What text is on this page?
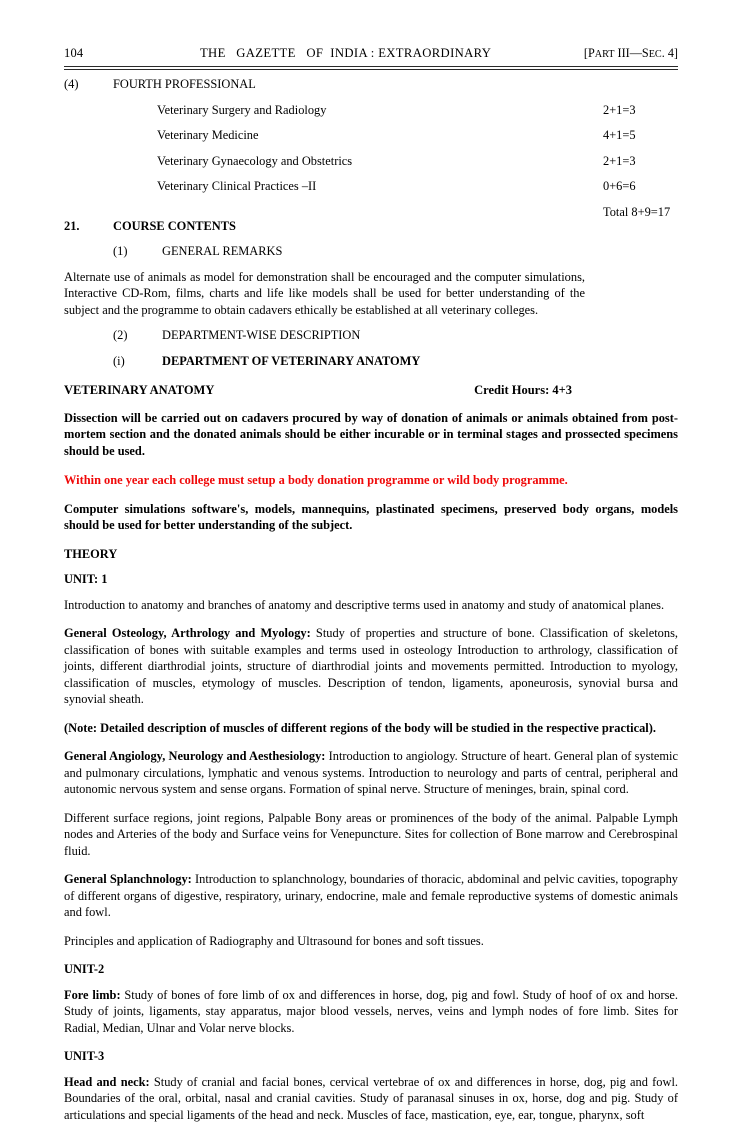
104	THE   GAZETTE   OF  INDIA : EXTRAORDINARY	[PART III—SEC. 4]
(4)	FOURTH PROFESSIONAL
Veterinary Surgery and Radiology	2+1=3
Veterinary Medicine	4+1=5
Veterinary Gynaecology and Obstetrics	2+1=3
Veterinary Clinical Practices –II	0+6=6
Total 8+9=17
21.	COURSE CONTENTS
(1)	GENERAL REMARKS

Alternate use of animals as model for demonstration shall be encouraged and the computer simulations, Interactive CD-Rom, films, charts and life like models shall be used for better understanding of the subject and the programme to obtain cadavers ethically be established at all veterinary colleges.

(2)	DEPARTMENT-WISE DESCRIPTION
(i)	DEPARTMENT OF VETERINARY ANATOMY
VETERINARY ANATOMY	Credit Hours: 4+3

Dissection will be carried out on cadavers procured by way of donation of animals or animals obtained from post-mortem section and the donated animals should be either incurable or in terminal stages and prossected specimens should be used.

Within one year each college must setup a body donation programme or wild body programme.

Computer simulations software's, models, mannequins, plastinated specimens, preserved body organs, models should be used for better understanding of the subject.

THEORY

UNIT: 1

Introduction to anatomy and branches of anatomy and descriptive terms used in anatomy and study of anatomical planes.

General Osteology, Arthrology and Myology: Study of properties and structure of bone. Classification of skeletons, classification of bones with suitable examples and terms used in osteology Introduction to arthrology, classification of joints, different diarthrodial joints, structure of diarthrodial joints and movements permitted. Introduction to myology, classification of muscles, etymology of muscles. Description of tendon, ligaments, aponeurosis, synovial bursa and synovial sheath.

(Note: Detailed description of muscles of different regions of the body will be studied in the respective practical).

General Angiology, Neurology and Aesthesiology: Introduction to angiology. Structure of heart. General plan of systemic and pulmonary circulations, lymphatic and venous systems. Introduction to neurology and parts of central, peripheral and autonomic nervous system and sense organs. Formation of spinal nerve. Structure of meninges, brain, spinal cord.

Different surface regions, joint regions, Palpable Bony areas or prominences of the body of the animal. Palpable Lymph nodes and Arteries of the body and Surface veins for Venepuncture. Sites for collection of Bone marrow and Cerebrospinal fluid.

General Splanchnology: Introduction to splanchnology, boundaries of thoracic, abdominal and pelvic cavities, topography of different organs of digestive, respiratory, urinary, endocrine, male and female reproductive systems of domestic animals and fowl.

Principles and application of Radiography and Ultrasound for bones and soft tissues.

UNIT-2

Fore limb: Study of bones of fore limb of ox and differences in horse, dog, pig and fowl. Study of hoof of ox and horse. Study of joints, ligaments, stay apparatus, major blood vessels, nerves, veins and lymph nodes of fore limb. Sites for Radial, Median, Ulnar and Volar nerve blocks.

UNIT-3

Head and neck: Study of cranial and facial bones, cervical vertebrae of ox and differences in horse, dog, pig and fowl. Boundaries of the oral, orbital, nasal and cranial cavities. Study of paranasal sinuses in ox, horse, dog and pig. Study of articulations and special ligaments of the head and neck. Muscles of face, mastication, eye, ear, tongue, pharynx, soft
